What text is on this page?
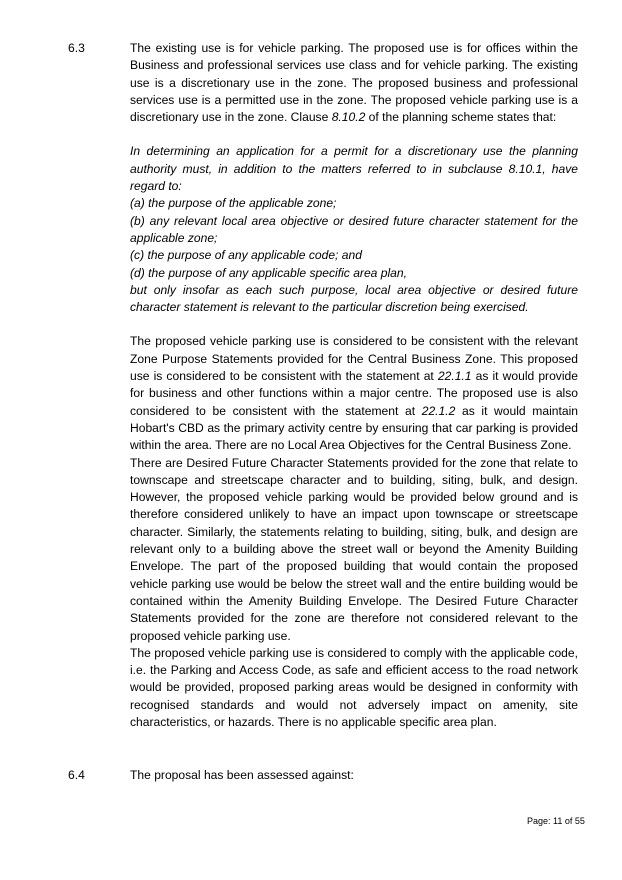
6.3	The existing use is for vehicle parking. The proposed use is for offices within the Business and professional services use class and for vehicle parking. The existing use is a discretionary use in the zone. The proposed business and professional services use is a permitted use in the zone. The proposed vehicle parking use is a discretionary use in the zone. Clause 8.10.2 of the planning scheme states that:

In determining an application for a permit for a discretionary use the planning authority must, in addition to the matters referred to in subclause 8.10.1, have regard to:

(a) the purpose of the applicable zone;

(b) any relevant local area objective or desired future character statement for the applicable zone;

(c) the purpose of any applicable code; and

(d) the purpose of any applicable specific area plan,

but only insofar as each such purpose, local area objective or desired future character statement is relevant to the particular discretion being exercised.

The proposed vehicle parking use is considered to be consistent with the relevant Zone Purpose Statements provided for the Central Business Zone. This proposed use is considered to be consistent with the statement at 22.1.1 as it would provide for business and other functions within a major centre. The proposed use is also considered to be consistent with the statement at 22.1.2 as it would maintain Hobart's CBD as the primary activity centre by ensuring that car parking is provided within the area. There are no Local Area Objectives for the Central Business Zone.

There are Desired Future Character Statements provided for the zone that relate to townscape and streetscape character and to building, siting, bulk, and design. However, the proposed vehicle parking would be provided below ground and is therefore considered unlikely to have an impact upon townscape or streetscape character. Similarly, the statements relating to building, siting, bulk, and design are relevant only to a building above the street wall or beyond the Amenity Building Envelope. The part of the proposed building that would contain the proposed vehicle parking use would be below the street wall and the entire building would be contained within the Amenity Building Envelope. The Desired Future Character Statements provided for the zone are therefore not considered relevant to the proposed vehicle parking use.

The proposed vehicle parking use is considered to comply with the applicable code, i.e. the Parking and Access Code, as safe and efficient access to the road network would be provided, proposed parking areas would be designed in conformity with recognised standards and would not adversely impact on amenity, site characteristics, or hazards. There is no applicable specific area plan.

6.4	The proposal has been assessed against:

Page: 11 of 55
